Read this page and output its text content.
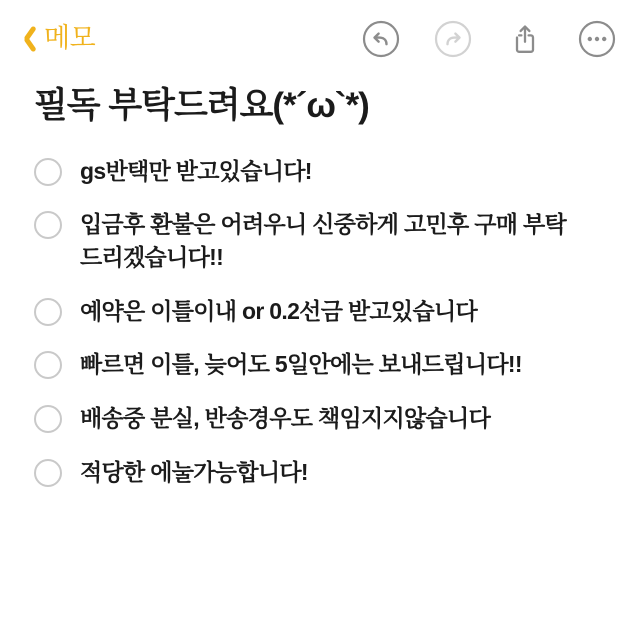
메모
필독 부탁드려요(*´ω`*)
gs반택만 받고있습니다!
입금후 환불은 어려우니 신중하게 고민후 구매 부탁드리겠습니다!!
예약은 이틀이내 or 0.2선금 받고있습니다
빠르면 이틀, 늦어도 5일안에는 보내드립니다!!
배송중 분실, 반송경우도 책임지지않습니다
적당한 에눌가능합니다!
